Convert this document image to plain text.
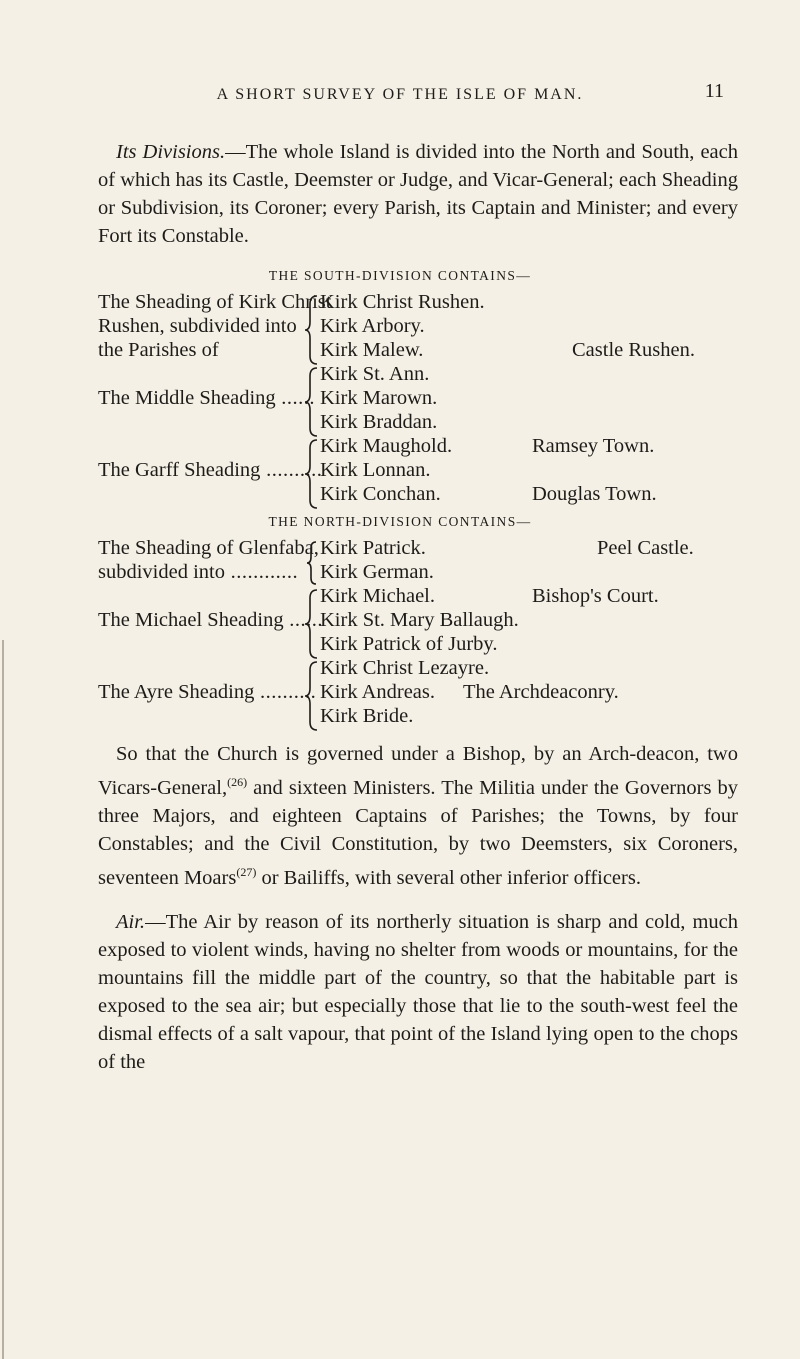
A SHORT SURVEY OF THE ISLE OF MAN.	11

Its Divisions.—The whole Island is divided into the North and South, each of which has its Castle, Deemster or Judge, and Vicar-General; each Sheading or Subdivision, its Coroner; every Parish, its Captain and Minister; and every Fort its Constable.

THE SOUTH-DIVISION CONTAINS—
The Sheading of Kirk Christ
Rushen, subdivided into
the Parishes of
Kirk Christ Rushen.
Kirk Arbory.
Kirk Malew.	Castle Rushen.
The Middle Sheading ......
Kirk St. Ann.
Kirk Marown.
Kirk Braddan.
The Garff Sheading ..........
Kirk Maughold.
Kirk Lonnan.
Kirk Conchan.
Ramsey Town.
Douglas Town.
THE NORTH-DIVISION CONTAINS—
The Sheading of Glenfaba,
subdivided into ............
Kirk Patrick.
Kirk German.
Peel Castle.
The Michael Sheading ......
Kirk Michael.
Kirk St. Mary Ballaugh.
Kirk Patrick of Jurby.
Bishop's Court.
The Ayre Sheading ..........
Kirk Christ Lezayre.
Kirk Andreas.
Kirk Bride.
The Archdeaconry.

So that the Church is governed under a Bishop, by an Arch-deacon, two Vicars-General,$^{(26)}$ and sixteen Ministers. The Militia under the Governors by three Majors, and eighteen Captains of Parishes; the Towns, by four Constables; and the Civil Constitution, by two Deemsters, six Coroners, seventeen Moars$^{(27)}$ or Bailiffs, with several other inferior officers.

Air.—The Air by reason of its northerly situation is sharp and cold, much exposed to violent winds, having no shelter from woods or mountains, for the mountains fill the middle part of the country, so that the habitable part is exposed to the sea air; but especially those that lie to the south-west feel the dismal effects of a salt vapour, that point of the Island lying open to the chops of the
